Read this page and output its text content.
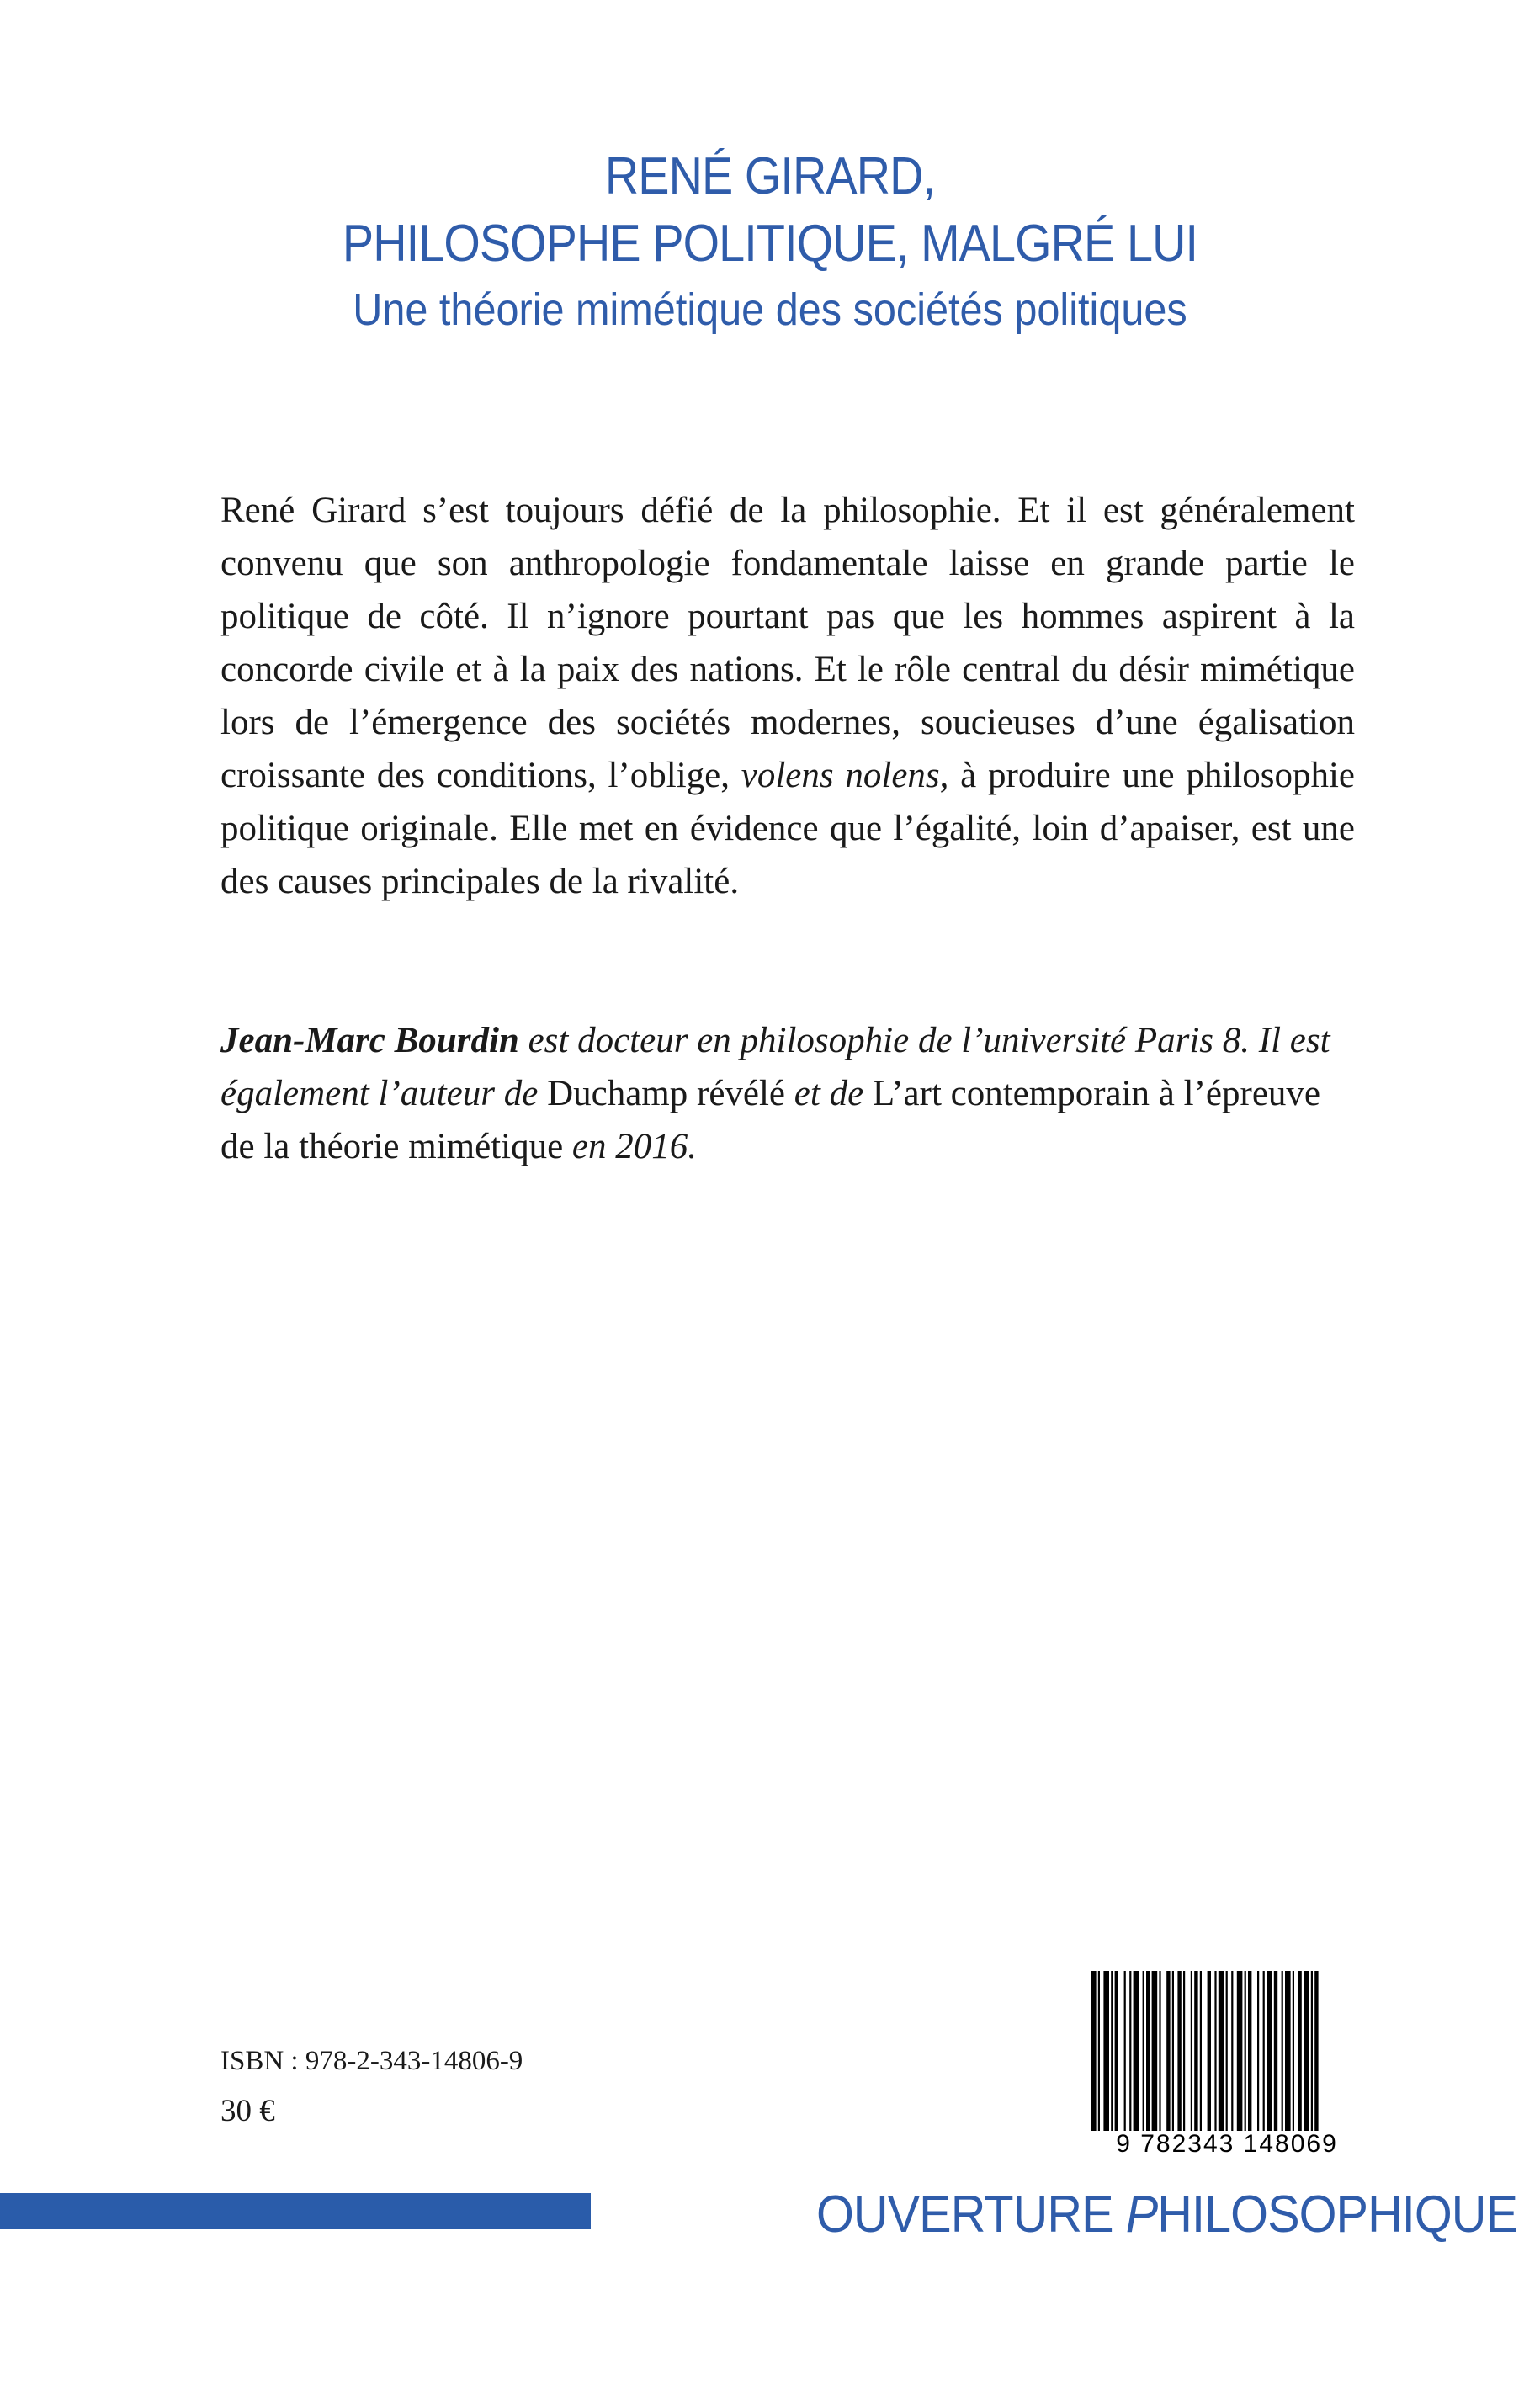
RENÉ GIRARD,
PHILOSOPHE POLITIQUE, MALGRÉ LUI
Une théorie mimétique des sociétés politiques

René Girard s’est toujours défié de la philosophie. Et il est généralement convenu que son anthropologie fondamentale laisse en grande partie le politique de côté. Il n’ignore pourtant pas que les hommes aspirent à la concorde civile et à la paix des nations. Et le rôle central du désir mimétique lors de l’émergence des sociétés modernes, soucieuses d’une égalisation croissante des conditions, l’oblige, volens nolens, à produire une philosophie politique originale. Elle met en évidence que l’égalité, loin d’apaiser, est une des causes principales de la rivalité.

Jean-Marc Bourdin est docteur en philosophie de l’université Paris 8. Il est également l’auteur de Duchamp révélé et de L’art contemporain à l’épreuve de la théorie mimétique en 2016.

ISBN : 978-2-343-14806-9
30 €
9 782343 148069
OUVERTURE PHILOSOPHIQUE
